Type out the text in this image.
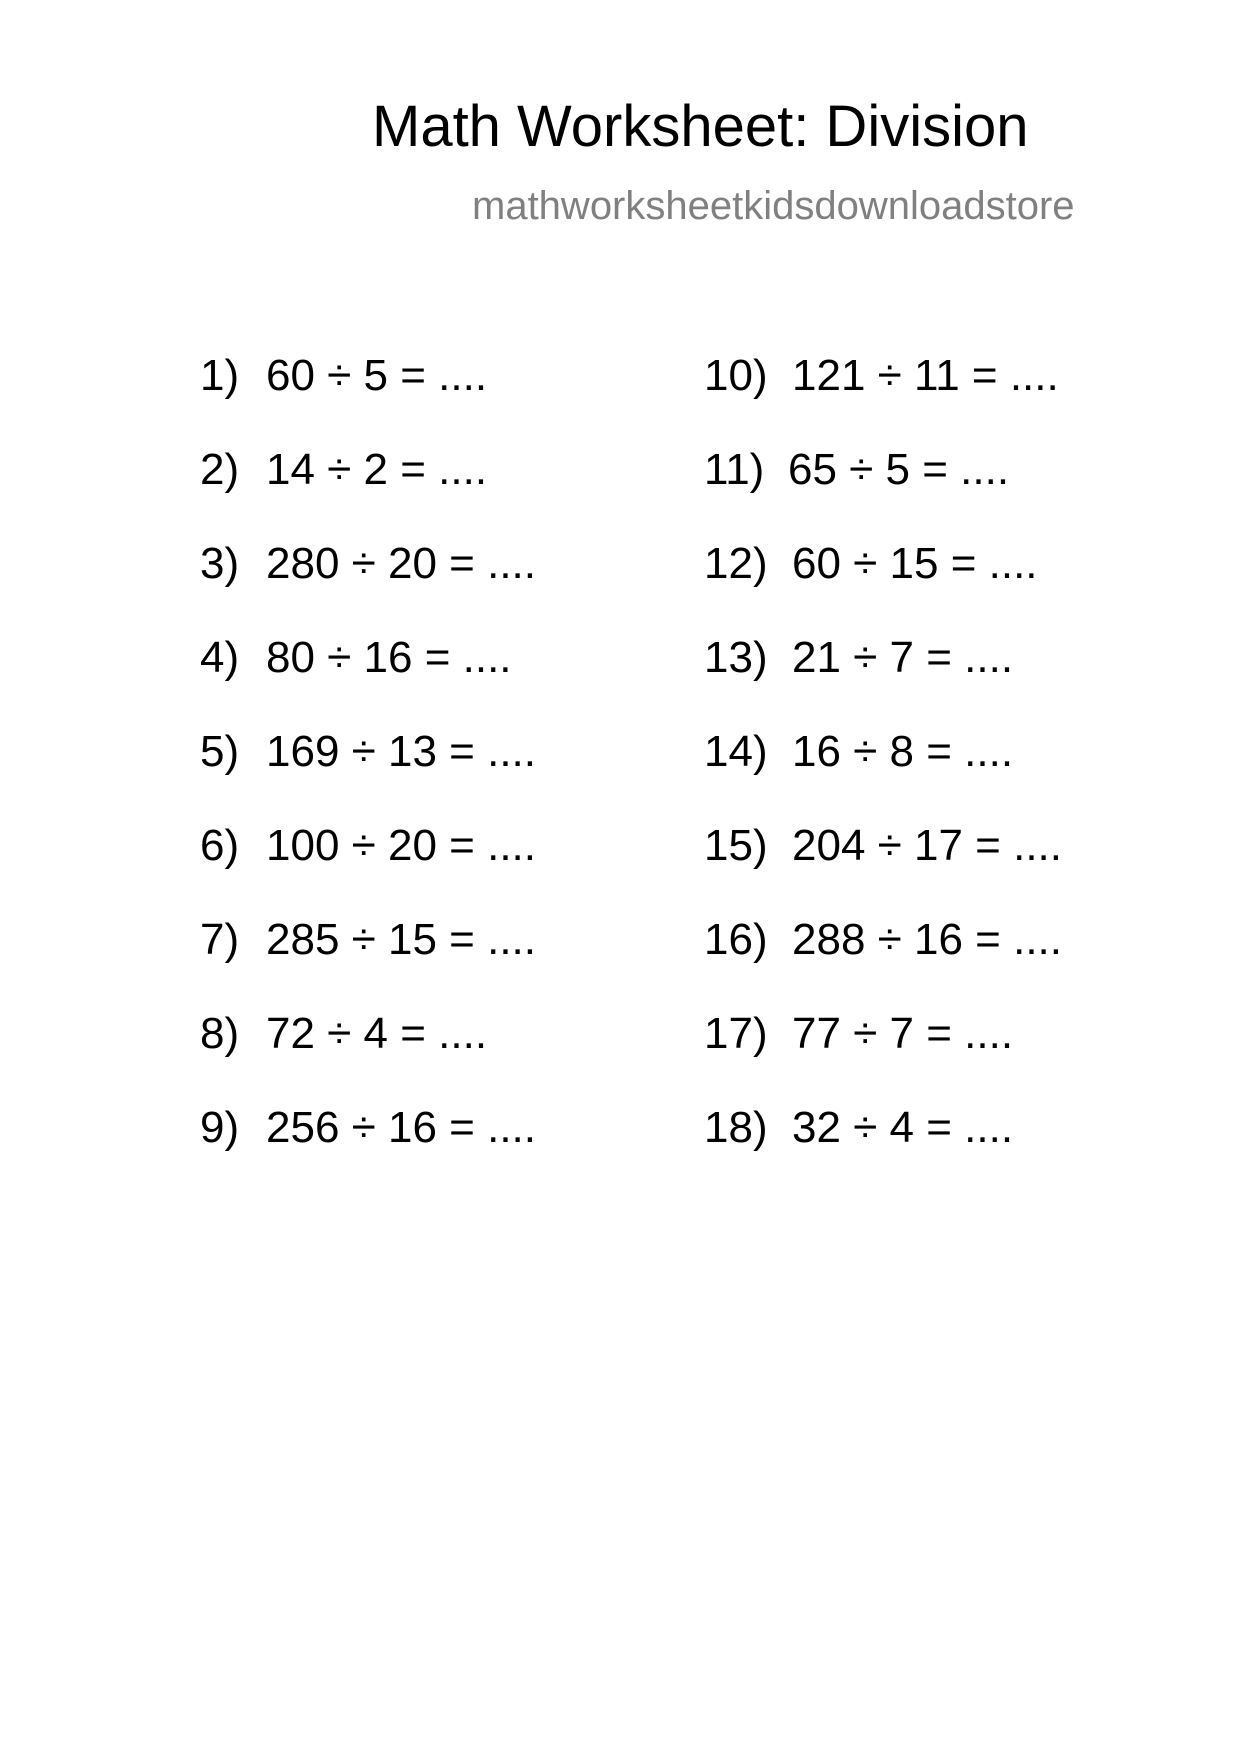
Math Worksheet: Division
mathworksheetkidsdownloadstore
1) 60 ÷ 5 = ....
2) 14 ÷ 2 = ....
3) 280 ÷ 20 = ....
4) 80 ÷ 16 = ....
5) 169 ÷ 13 = ....
6) 100 ÷ 20 = ....
7) 285 ÷ 15 = ....
8) 72 ÷ 4 = ....
9) 256 ÷ 16 = ....
10) 121 ÷ 11 = ....
11) 65 ÷ 5 = ....
12) 60 ÷ 15 = ....
13) 21 ÷ 7 = ....
14) 16 ÷ 8 = ....
15) 204 ÷ 17 = ....
16) 288 ÷ 16 = ....
17) 77 ÷ 7 = ....
18) 32 ÷ 4 = ....
